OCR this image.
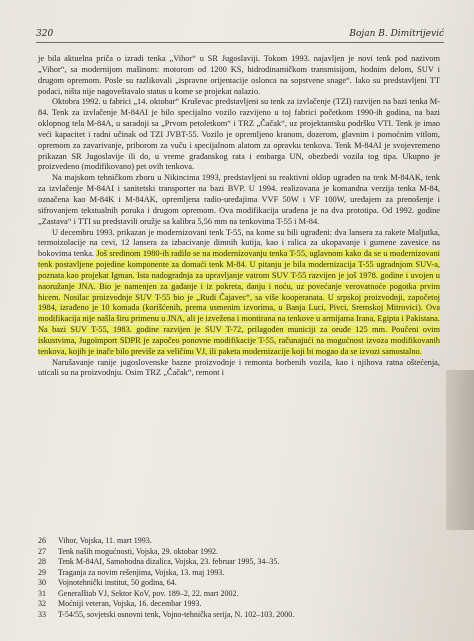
320	Bojan B. Dimitrijević

je bila aktuelna priča o izradi tenka „Vihor“ u SR Jugoslaviji. Tokom 1993. najavljen je novi tenk pod nazivom „Vihor“, sa modernijom mašinom: motorom od 1200 KS, hidrodinamičkom transmisijom, hodnim delom, SUV i drugom opremom. Posle su razlikovali „ispravne orijentacije oslonca na sopstvene snage“. Iako su predstavljeni TT podaci, ništa nije nagoveštavalo status u kome se projekat nalazio.

Oktobra 1992. u fabrici „14. oktobar“ Kruševac predstavljeni su tenk za izvlačenje (TZI) razvijen na bazi tenka M-84. Tenk za izvlačenje M-84AI je bilo specijalno vozilo razvijeno u toj fabrici početkom 1990-ih godina, na bazi oklopnog tela M-84A, u saradnji sa „Prvom petoletkom“ i TRZ „Čačak“, uz projektantsku podršku VTI. Tenk je imao veći kapacitet i radni učinak od TZI JVBT-55. Vozilo je opremljeno kranom, dozerom, glavnim i pomoćnim vitlom, opremom za zavarivanje, priborom za vuču i specijalnom alatom za opravku tenkova. Tenk M-84AI je svojevremeno prikazan SR Jugoslavije ili do, u vreme građanskog rata i embarga UN, obezbedi vozila tog tipa. Ukupno je proizvedeno (modifikovano) pet ovih tenkova.

Na majskom tehničkom zboru u Nikincima 1993, predstavljeni su reaktivni oklop ugrađen na tenk M-84AK, tenk za izvlačenje M-84AI i sanitetski transporter na bazi BVP. U 1994. realizovana je komandna verzija tenka M-84, označena kao M-84K i M-84AK, opremljena radio-uređajima VVF 50W i VF 100W, uređajem za prenošenje i sifrovanjem tekstualnih poruka i drugom opremom. Ova modifikacija urađena je na dva prototipa. Od 1992. godine „Zastava“ i TTI su predstavili oružje sa kalibra 5,56 mm na tenkovima T-55 i M-84.

U decembru 1993. prikazan je modernizovani tenk T-55, na kome su bili ugrađeni: dva lansera za rakete Maljutka, termoizolacije na cevi, 12 lansera za izbacivanje dimnih kutija, kao i ralica za ukopavanje i gumene zavesice na bokovima tenka. Još sredinom 1980-ih radilo se na modernizovanju tenka T-55, uglavnom kako da se u modernizovani tenk postavljene pojedine komponente za domaći tenk M-84. U pitanju je bila modernizacija T-55 ugradnjom SUV-a, poznata kao projekat Igman. Ista nadogradnja za upravljanje vatrom SUV T-55 razvijen je još 1978. godine i uvojen u naoružanje JNA. Bio je namenjen za gađanje i iz pokreta, danju i noću, uz povećanje verovatnoće pogotka prvim hicem. Nosilac proizvodnje SUV T-55 bio je „Rudi Čajavec“, sa više kooperanata. U srpskoj proizvodnji, započetoj 1984, izrađeno je 10 komada (korišćenih, prema usmenim izvorima, u Banja Luci, Pivci, Sremskoj Mitrovici). Ova modifikacija nije našla širu primenu u JNA, ali je izvežena i montirana na tenkove u armijama Irana, Egipta i Pakistana. Na bazi SUV T-55, 1983. godine razvijen je SUV T-72, prilagođen municiji za oruđe 125 mm. Poučeni ovim iskustvima, Jugoimport SDPR je započeo ponovne modifikacije T-55, računajući na mogućnost izvoza modifikovanih tenkova, kojih je inače bilo previše za veličinu VJ, ili paketa modernizacije koji bi mogao da se izvozi samostalno.

Narušavanje ranije jugoslovenske bazne proizvodnje i remonta borbenih vozila, kao i njihova ratna oštećenja, uticali su na proizvodnju. Osim TRZ „Čačak“, remont i

26	Vihor, Vojska, 11. mart 1993.
27	Tenk naših mogućnosti, Vojska, 29. oktobar 1992.
28	Tenk M-84AI, Samohodna dizalica, Vojska, 23. februar 1995, 34–35.
29	Traganja za novim rešenjima, Vojska, 13. maj 1993.
30	Vojnotehnički institut, 50 godina, 64.
31	Generalštab VJ, Sektor KoV, pov. 189–2, 22. mart 2002.
32	Moćniji veteran, Vojska, 16. decembar 1993.
33	T-54/55, sovjetski osnovni tenk, Vojno-tehnička serija, N. 102–103. 2000.
